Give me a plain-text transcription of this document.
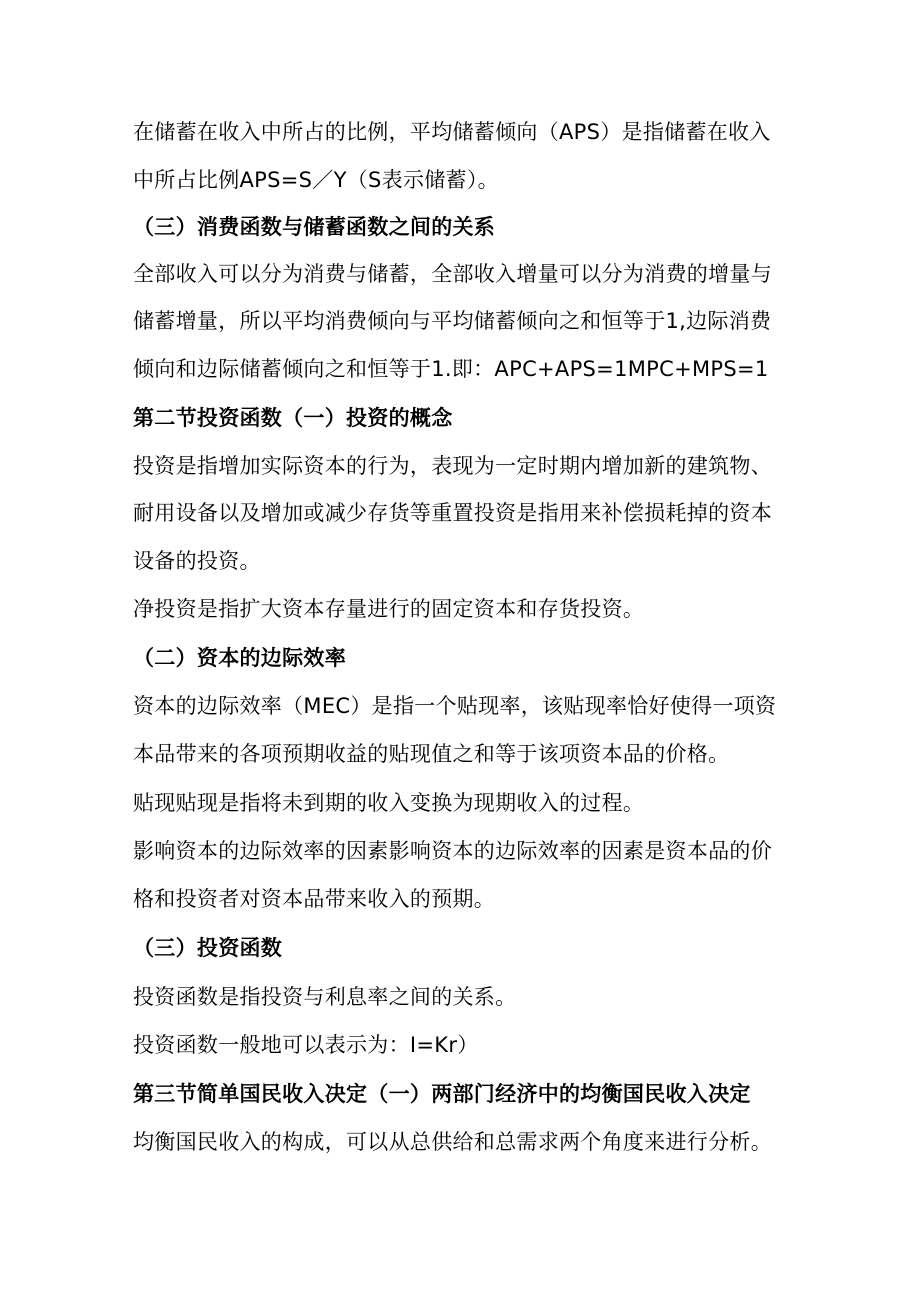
在储蓄在收入中所占的比例，平均储蓄倾向（APS）是指储蓄在收入
中所占比例APS=S／Y（S表示储蓄）。
（三）消费函数与储蓄函数之间的关系
全部收入可以分为消费与储蓄，全部收入增量可以分为消费的增量与
储蓄增量，所以平均消费倾向与平均储蓄倾向之和恒等于1,边际消费
倾向和边际储蓄倾向之和恒等于1.即：APC+APS=1MPC+MPS=1
第二节投资函数（一）投资的概念
投资是指增加实际资本的行为，表现为一定时期内增加新的建筑物、
耐用设备以及增加或减少存货等重置投资是指用来补偿损耗掉的资本
设备的投资。
净投资是指扩大资本存量进行的固定资本和存货投资。
（二）资本的边际效率
资本的边际效率（MEC）是指一个贴现率，该贴现率恰好使得一项资
本品带来的各项预期收益的贴现值之和等于该项资本品的价格。
贴现贴现是指将未到期的收入变换为现期收入的过程。
影响资本的边际效率的因素影响资本的边际效率的因素是资本品的价
格和投资者对资本品带来收入的预期。
（三）投资函数
投资函数是指投资与利息率之间的关系。
投资函数一般地可以表示为：I=Kr）
第三节简单国民收入决定（一）两部门经济中的均衡国民收入决定
均衡国民收入的构成，可以从总供给和总需求两个角度来进行分析。
